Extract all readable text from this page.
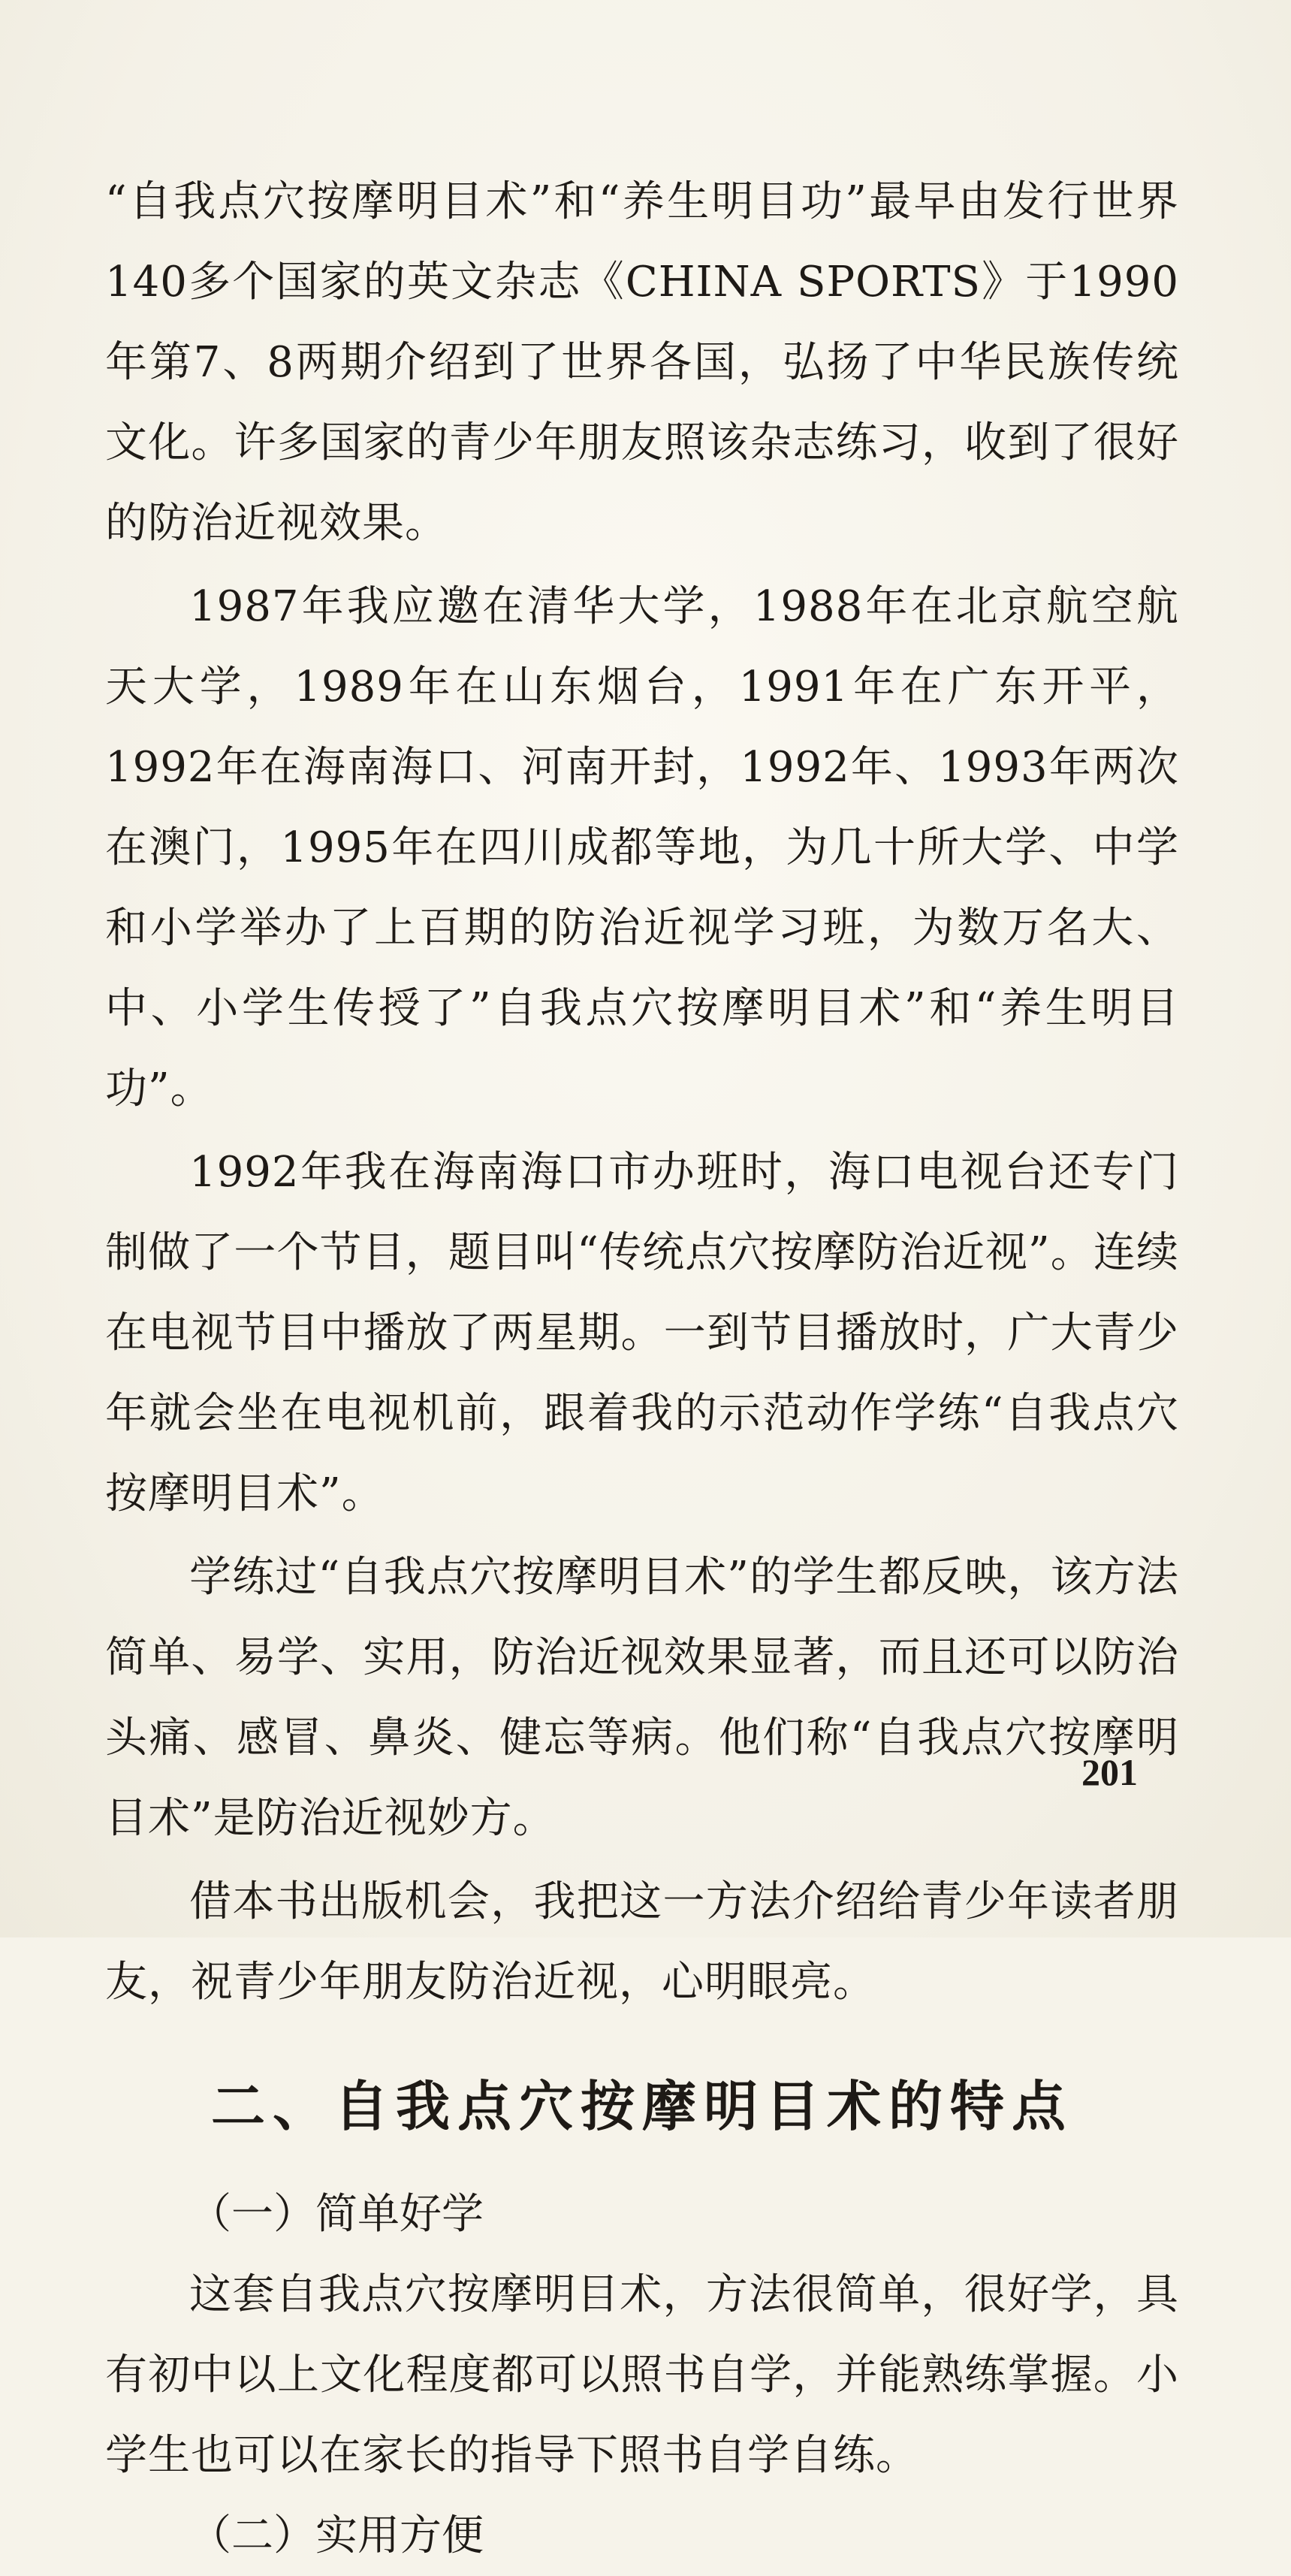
“自我点穴按摩明目术”和“养生明目功”最早由发行世界140多个国家的英文杂志《CHINA SPORTS》于1990年第7、8两期介绍到了世界各国，弘扬了中华民族传统文化。许多国家的青少年朋友照该杂志练习，收到了很好的防治近视效果。

1987年我应邀在清华大学，1988年在北京航空航天大学，1989年在山东烟台，1991年在广东开平，1992年在海南海口、河南开封，1992年、1993年两次在澳门，1995年在四川成都等地，为几十所大学、中学和小学举办了上百期的防治近视学习班，为数万名大、中、小学生传授了”自我点穴按摩明目术”和“养生明目功”。

1992年我在海南海口市办班时，海口电视台还专门制做了一个节目，题目叫“传统点穴按摩防治近视”。连续在电视节目中播放了两星期。一到节目播放时，广大青少年就会坐在电视机前，跟着我的示范动作学练“自我点穴按摩明目术”。

学练过“自我点穴按摩明目术”的学生都反映，该方法简单、易学、实用，防治近视效果显著，而且还可以防治头痛、感冒、鼻炎、健忘等病。他们称“自我点穴按摩明目术”是防治近视妙方。

借本书出版机会，我把这一方法介绍给青少年读者朋友，祝青少年朋友防治近视，心明眼亮。

二、自我点穴按摩明目术的特点

（一）简单好学

这套自我点穴按摩明目术，方法很简单，很好学，具有初中以上文化程度都可以照书自学，并能熟练掌握。小学生也可以在家长的指导下照书自学自练。

（二）实用方便

201
